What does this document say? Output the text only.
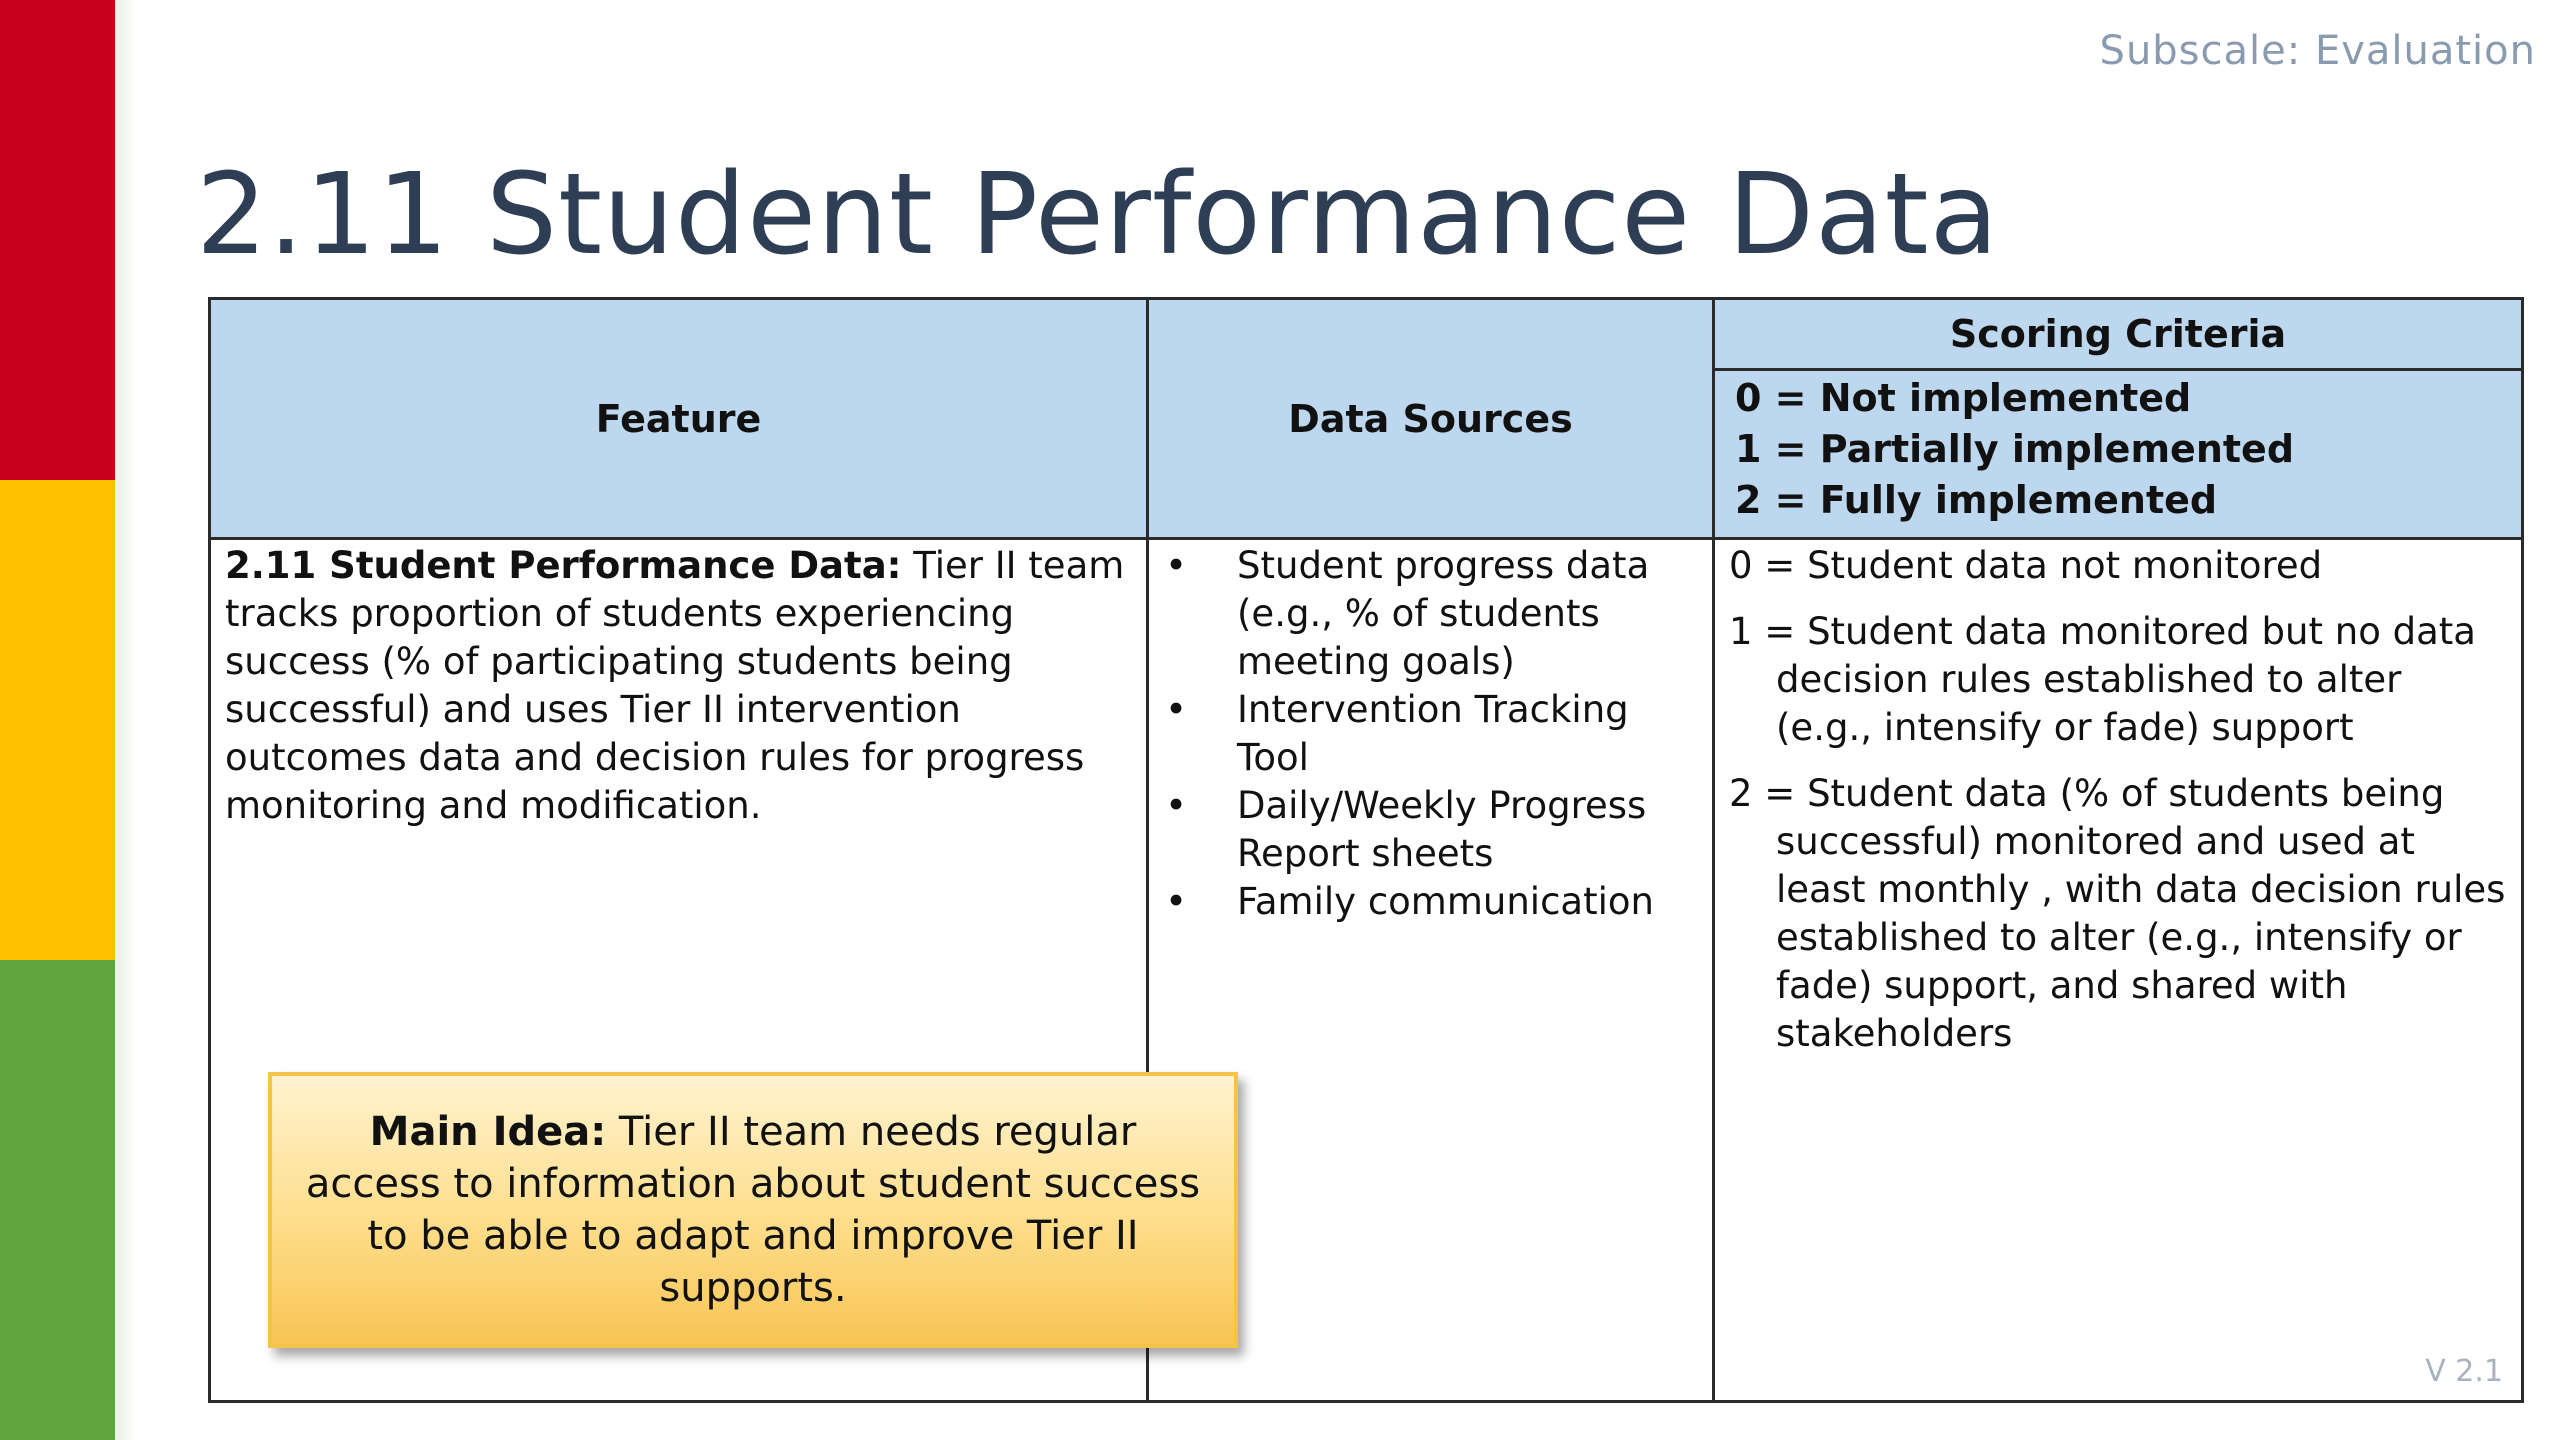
Subscale: Evaluation
2.11 Student Performance Data
Feature	Data Sources
Scoring Criteria
0 = Not implemented
1 = Partially implemented
2 = Fully implemented

2.11 Student Performance Data: Tier II team tracks proportion of students experiencing success (% of participating students being successful) and uses Tier II intervention outcomes data and decision rules for progress monitoring and modification.

• Student progress data (e.g., % of students meeting goals)
• Intervention Tracking Tool
• Daily/Weekly Progress Report sheets
• Family communication

0 = Student data not monitored

1 = Student data monitored but no data decision rules established to alter (e.g., intensify or fade) support

2 = Student data (% of students being successful) monitored and used at least monthly , with data decision rules established to alter (e.g., intensify or fade) support, and shared with stakeholders

V 2.1
Main Idea: Tier II team needs regular access to information about student success to be able to adapt and improve Tier II supports.
